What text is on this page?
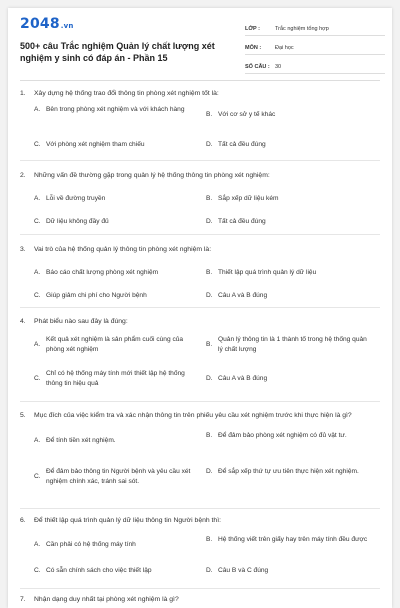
2048.vn
500+ câu Trắc nghiệm Quản lý chất lượng xét nghiệm y sinh có đáp án - Phần 15
LỚP :	Trắc nghiệm tổng hợp
MÔN :	Đại học
SỐ CÂU : 30
1.	Xây dựng hệ thống trao đổi thông tin phòng xét nghiệm tốt là:
A. Bên trong phòng xét nghiệm và với khách hàng
B. Với cơ sở y tế khác
C. Với phòng xét nghiệm tham chiếu	D. Tất cả đều đúng
2.	Những vấn đề thường gặp trong quản lý hệ thống thông tin phòng xét nghiệm:
A. Lỗi về đường truyền	B. Sắp xếp dữ liệu kém
C. Dữ liệu không đầy đủ	D. Tất cả đều đúng
3.	Vai trò của hệ thống quản lý thông tin phòng xét nghiệm là:
A. Báo cáo chất lượng phòng xét nghiệm	B. Thiết lập quá trình quản lý dữ liệu
C. Giúp giảm chi phí cho Người bệnh	D. Câu A và B đúng
4.	Phát biểu nào sau đây là đúng:
A.
Kết quả xét nghiệm là sản phẩm cuối cùng của phòng xét nghiệm
B.
Quản lý thông tin là 1 thành tố trong hệ thống quản lý chất lượng
C.
Chỉ có hệ thống máy tính mới thiết lập hệ thống thông tin hiệu quả
D. Câu A và B đúng
5.	Mục đích của việc kiểm tra và xác nhận thông tin trên phiếu yêu cầu xét nghiệm trước khi thực hiện là gì?
A. Để tính tiền xét nghiệm.
B. Để đảm bảo phòng xét nghiệm có đủ vật tư.
C.
Để đảm bảo thông tin Người bệnh và yêu cầu xét nghiệm chính xác, tránh sai sót.
D. Để sắp xếp thứ tự ưu tiên thực hiện xét nghiệm.
6.	Để thiết lập quá trình quản lý dữ liệu thông tin Người bệnh thì:
A. Cần phải có hệ thống máy tính
B. Hệ thống viết trên giấy hay trên máy tính đều được
C. Có sẵn chính sách cho việc thiết lập	D. Câu B và C đúng
7.	Nhận dạng duy nhất tại phòng xét nghiệm là gì?
